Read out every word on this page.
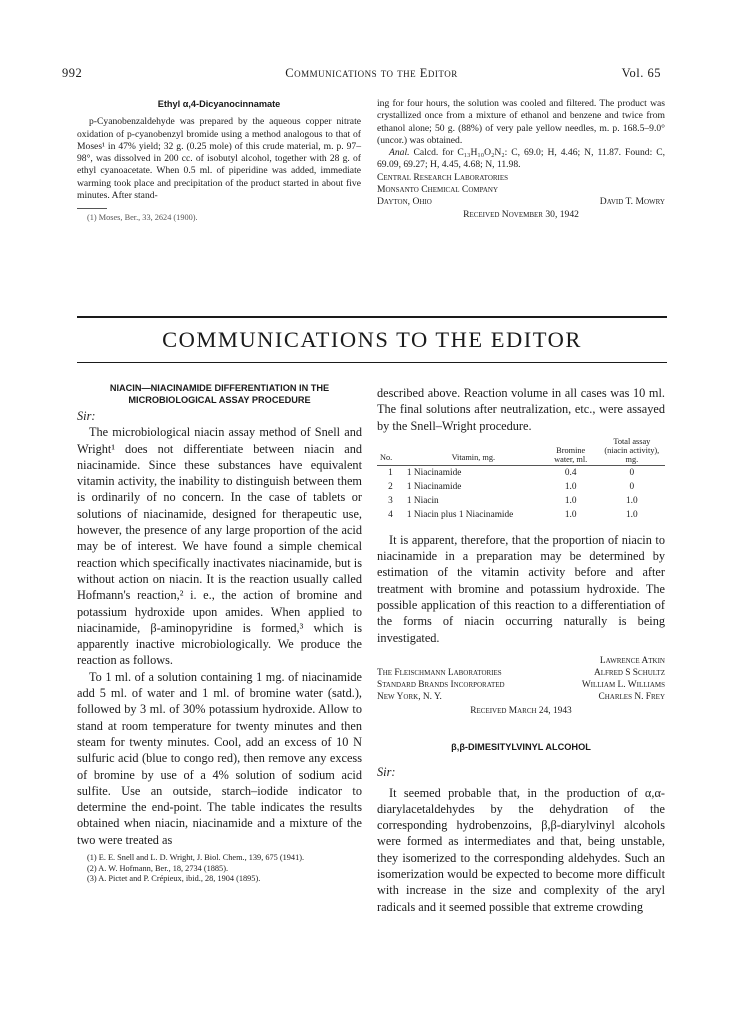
992	Communications to the Editor	Vol. 65
Ethyl α,4-Dicyanocinnamate

p-Cyanobenzaldehyde was prepared by the aqueous copper nitrate oxidation of p-cyanobenzyl bromide using a method analogous to that of Moses¹ in 47% yield; 32 g. (0.25 mole) of this crude material, m. p. 97–98°, was dissolved in 200 cc. of isobutyl alcohol, together with 28 g. of ethyl cyanoacetate. When 0.5 ml. of piperidine was added, immediate warming took place and precipitation of the product started in about five minutes. After stand-

(1) Moses, Ber., 33, 2624 (1900).

ing for four hours, the solution was cooled and filtered. The product was crystallized once from a mixture of ethanol and benzene and twice from ethanol alone; 50 g. (88%) of very pale yellow needles, m. p. 168.5–9.0° (uncor.) was obtained.

Anal. Calcd. for C₁₃H₁₀O₂N₂: C, 69.0; H, 4.46; N, 11.87. Found: C, 69.09, 69.27; H, 4.45, 4.68; N, 11.98.

Central Research Laboratories
Monsanto Chemical Company
Dayton, Ohio	David T. Mowry
Received November 30, 1942
COMMUNICATIONS TO THE EDITOR
NIACIN—NIACINAMIDE DIFFERENTIATION IN THE
MICROBIOLOGICAL ASSAY PROCEDURE
Sir:

The microbiological niacin assay method of Snell and Wright¹ does not differentiate between niacin and niacinamide. Since these substances have equivalent vitamin activity, the inability to distinguish between them is ordinarily of no concern. In the case of tablets or solutions of niacinamide, designed for therapeutic use, however, the presence of any large proportion of the acid may be of interest. We have found a simple chemical reaction which specifically inactivates niacinamide, but is without action on niacin. It is the reaction usually called Hofmann's reaction,² i. e., the action of bromine and potassium hydroxide upon amides. When applied to niacinamide, β-aminopyridine is formed,³ which is apparently inactive microbiologically. We produce the reaction as follows.

To 1 ml. of a solution containing 1 mg. of niacinamide add 5 ml. of water and 1 ml. of bromine water (satd.), followed by 3 ml. of 30% potassium hydroxide. Allow to stand at room temperature for twenty minutes and then steam for twenty minutes. Cool, add an excess of 10 N sulfuric acid (blue to congo red), then remove any excess of bromine by use of a 4% solution of sodium acid sulfite. Use an outside, starch–iodide indicator to determine the end-point. The table indicates the results obtained when niacin, niacinamide and a mixture of the two were treated as

(1) E. E. Snell and L. D. Wright, J. Biol. Chem., 139, 675 (1941).
(2) A. W. Hofmann, Ber., 18, 2734 (1885).
(3) A. Pictet and P. Crépieux, ibid., 28, 1904 (1895).

described above. Reaction volume in all cases was 10 ml. The final solutions after neutralization, etc., were assayed by the Snell–Wright procedure.

No.	Vitamin, mg.	Bromine water, ml.	Total assay (niacin activity), mg.

1	1 Niacinamide	0.4	0
2	1 Niacinamide	1.0	0
3	1 Niacin	1.0	1.0
4	1 Niacin plus 1 Niacinamide	1.0	1.0

It is apparent, therefore, that the proportion of niacin to niacinamide in a preparation may be determined by estimation of the vitamin activity before and after treatment with bromine and potassium hydroxide. The possible application of this reaction to a differentiation of the forms of niacin occurring naturally is being investigated.

Lawrence Atkin
The Fleischmann Laboratories	Alfred S Schultz
Standard Brands Incorporated	William L. Williams
New York, N. Y.	Charles N. Frey
Received March 24, 1943
β,β-DIMESITYLVINYL ALCOHOL
Sir:

It seemed probable that, in the production of α,α-diarylacetaldehydes by the dehydration of the corresponding hydrobenzoins, β,β-diarylvinyl alcohols were formed as intermediates and that, being unstable, they isomerized to the corresponding aldehydes. Such an isomerization would be expected to become more difficult with increase in the size and complexity of the aryl radicals and it seemed possible that extreme crowding
